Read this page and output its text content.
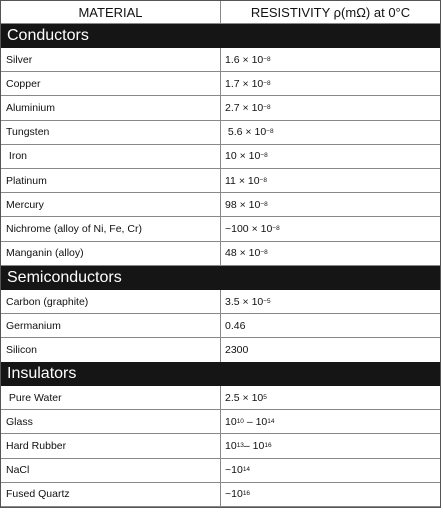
MATERIAL	RESISTIVITY ρ(mΩ) at 0°C
Conductors
Silver	1.6 × 10 −8
Copper	1.7 × 10 −8
Aluminium	2.7 × 10 −8
Tungsten	5.6 × 10 −8
Iron	10 × 10 −8
Platinum	11 × 10 −8
Mercury	98 × 10 −8
Nichrome (alloy of Ni, Fe, Cr)	~100 × 10 −8
Manganin (alloy)	48 × 10 −8
Semiconductors
Carbon (graphite)	3.5 × 10 −5
Germanium	0.46
Silicon	2300
Insulators
Pure Water	2.5 × 10 5
Glass	10 10 – 10 14
Hard Rubber	10 13 – 10 16
NaCl	~10 14
Fused Quartz	~10 16
